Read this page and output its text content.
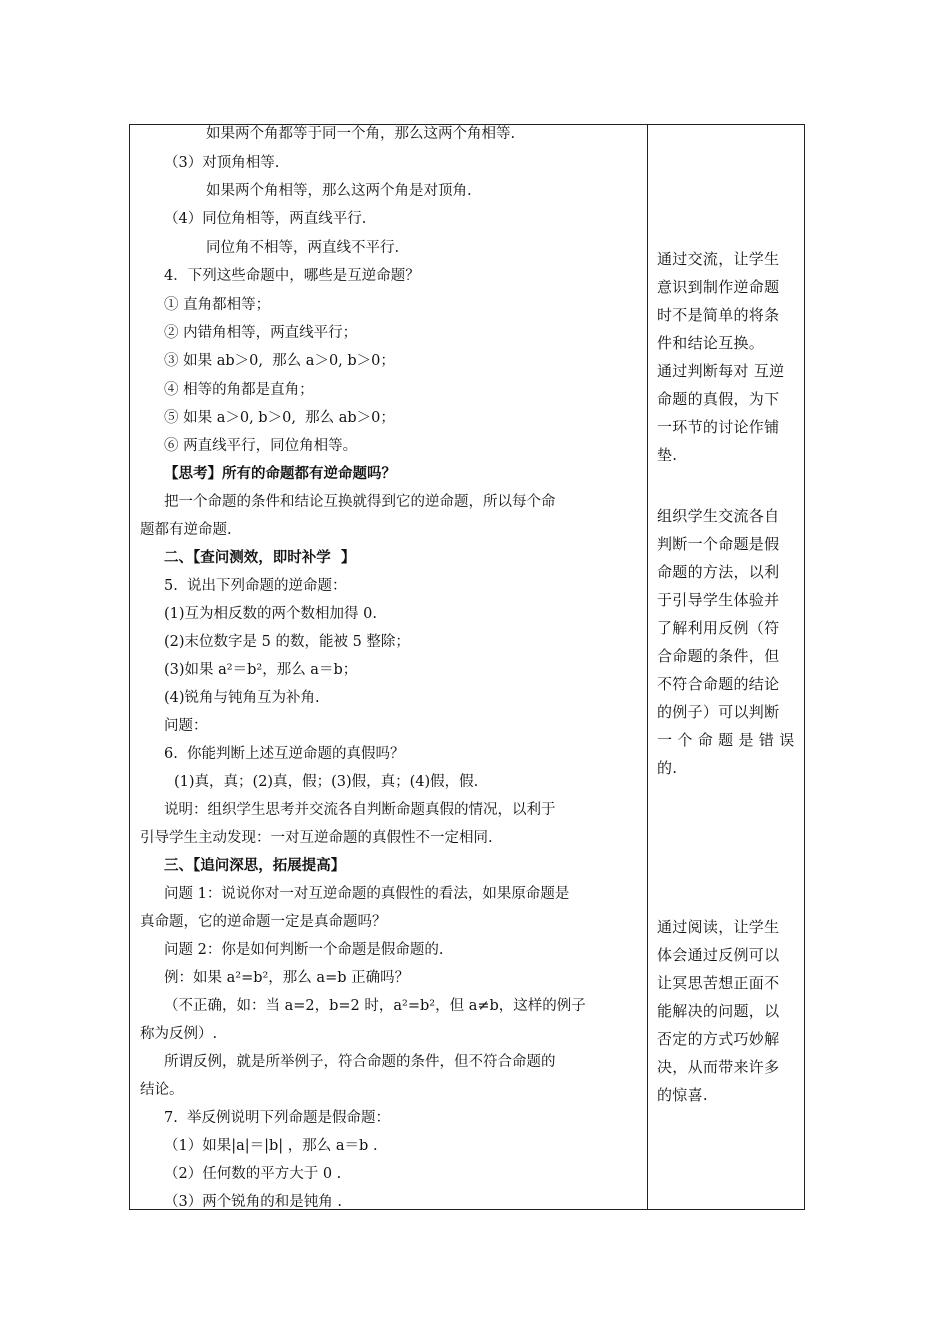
如果两个角都等于同一个角，那么这两个角相等.
（3）对顶角相等.
如果两个角相等，那么这两个角是对顶角.
（4）同位角相等，两直线平行.
同位角不相等，两直线不平行.
4．下列这些命题中，哪些是互逆命题？
① 直角都相等；
② 内错角相等，两直线平行；
③ 如果 ab＞0,  那么 a＞0, b＞0；
④ 相等的角都是直角；
⑤ 如果 a＞0, b＞0,  那么 ab＞0；
⑥ 两直线平行，同位角相等。
【思考】所有的命题都有逆命题吗？
把一个命题的条件和结论互换就得到它的逆命题，所以每个命
题都有逆命题.
二、【查问测效，即时补学  】
5.  说出下列命题的逆命题：
(1)互为相反数的两个数相加得 0.
(2)末位数字是 5 的数，能被 5 整除；
(3)如果 a²＝b²，那么 a＝b；
(4)锐角与钝角互为补角.
问题：
6.  你能判断上述互逆命题的真假吗？
(1)真，真；(2)真，假；(3)假，真；(4)假，假.
说明：组织学生思考并交流各自判断命题真假的情况，以利于
引导学生主动发现：一对互逆命题的真假性不一定相同.
三、【追问深思，拓展提高】
问题 1：说说你对一对互逆命题的真假性的看法，如果原命题是
真命题，它的逆命题一定是真命题吗？
问题 2：你是如何判断一个命题是假命题的.
例：如果 a²=b²，那么 a=b 正确吗？
（不正确，如：当 a=2，b=2 时，a²=b²，但 a≠b，这样的例子
称为反例）.
所谓反例，就是所举例子，符合命题的条件，但不符合命题的
结论。
7.  举反例说明下列命题是假命题：
（1）如果|a|＝|b| ，那么 a＝b .
（2）任何数的平方大于 0 .
（3）两个锐角的和是钝角 .
通过交流，让学生
意识到制作逆命题
时不是简单的将条
件和结论互换。
通过判断每对 互逆
命题的真假，为下
一环节的讨论作铺
垫.
组织学生交流各自
判断一个命题是假
命题的方法，以利
于引导学生体验并
了解利用反例（符
合命题的条件，但
不符合命题的结论
的例子）可以判断
一 个 命 题 是 错 误
的.
通过阅读，让学生
体会通过反例可以
让冥思苦想正面不
能解决的问题，以
否定的方式巧妙解
决，从而带来许多
的惊喜.
